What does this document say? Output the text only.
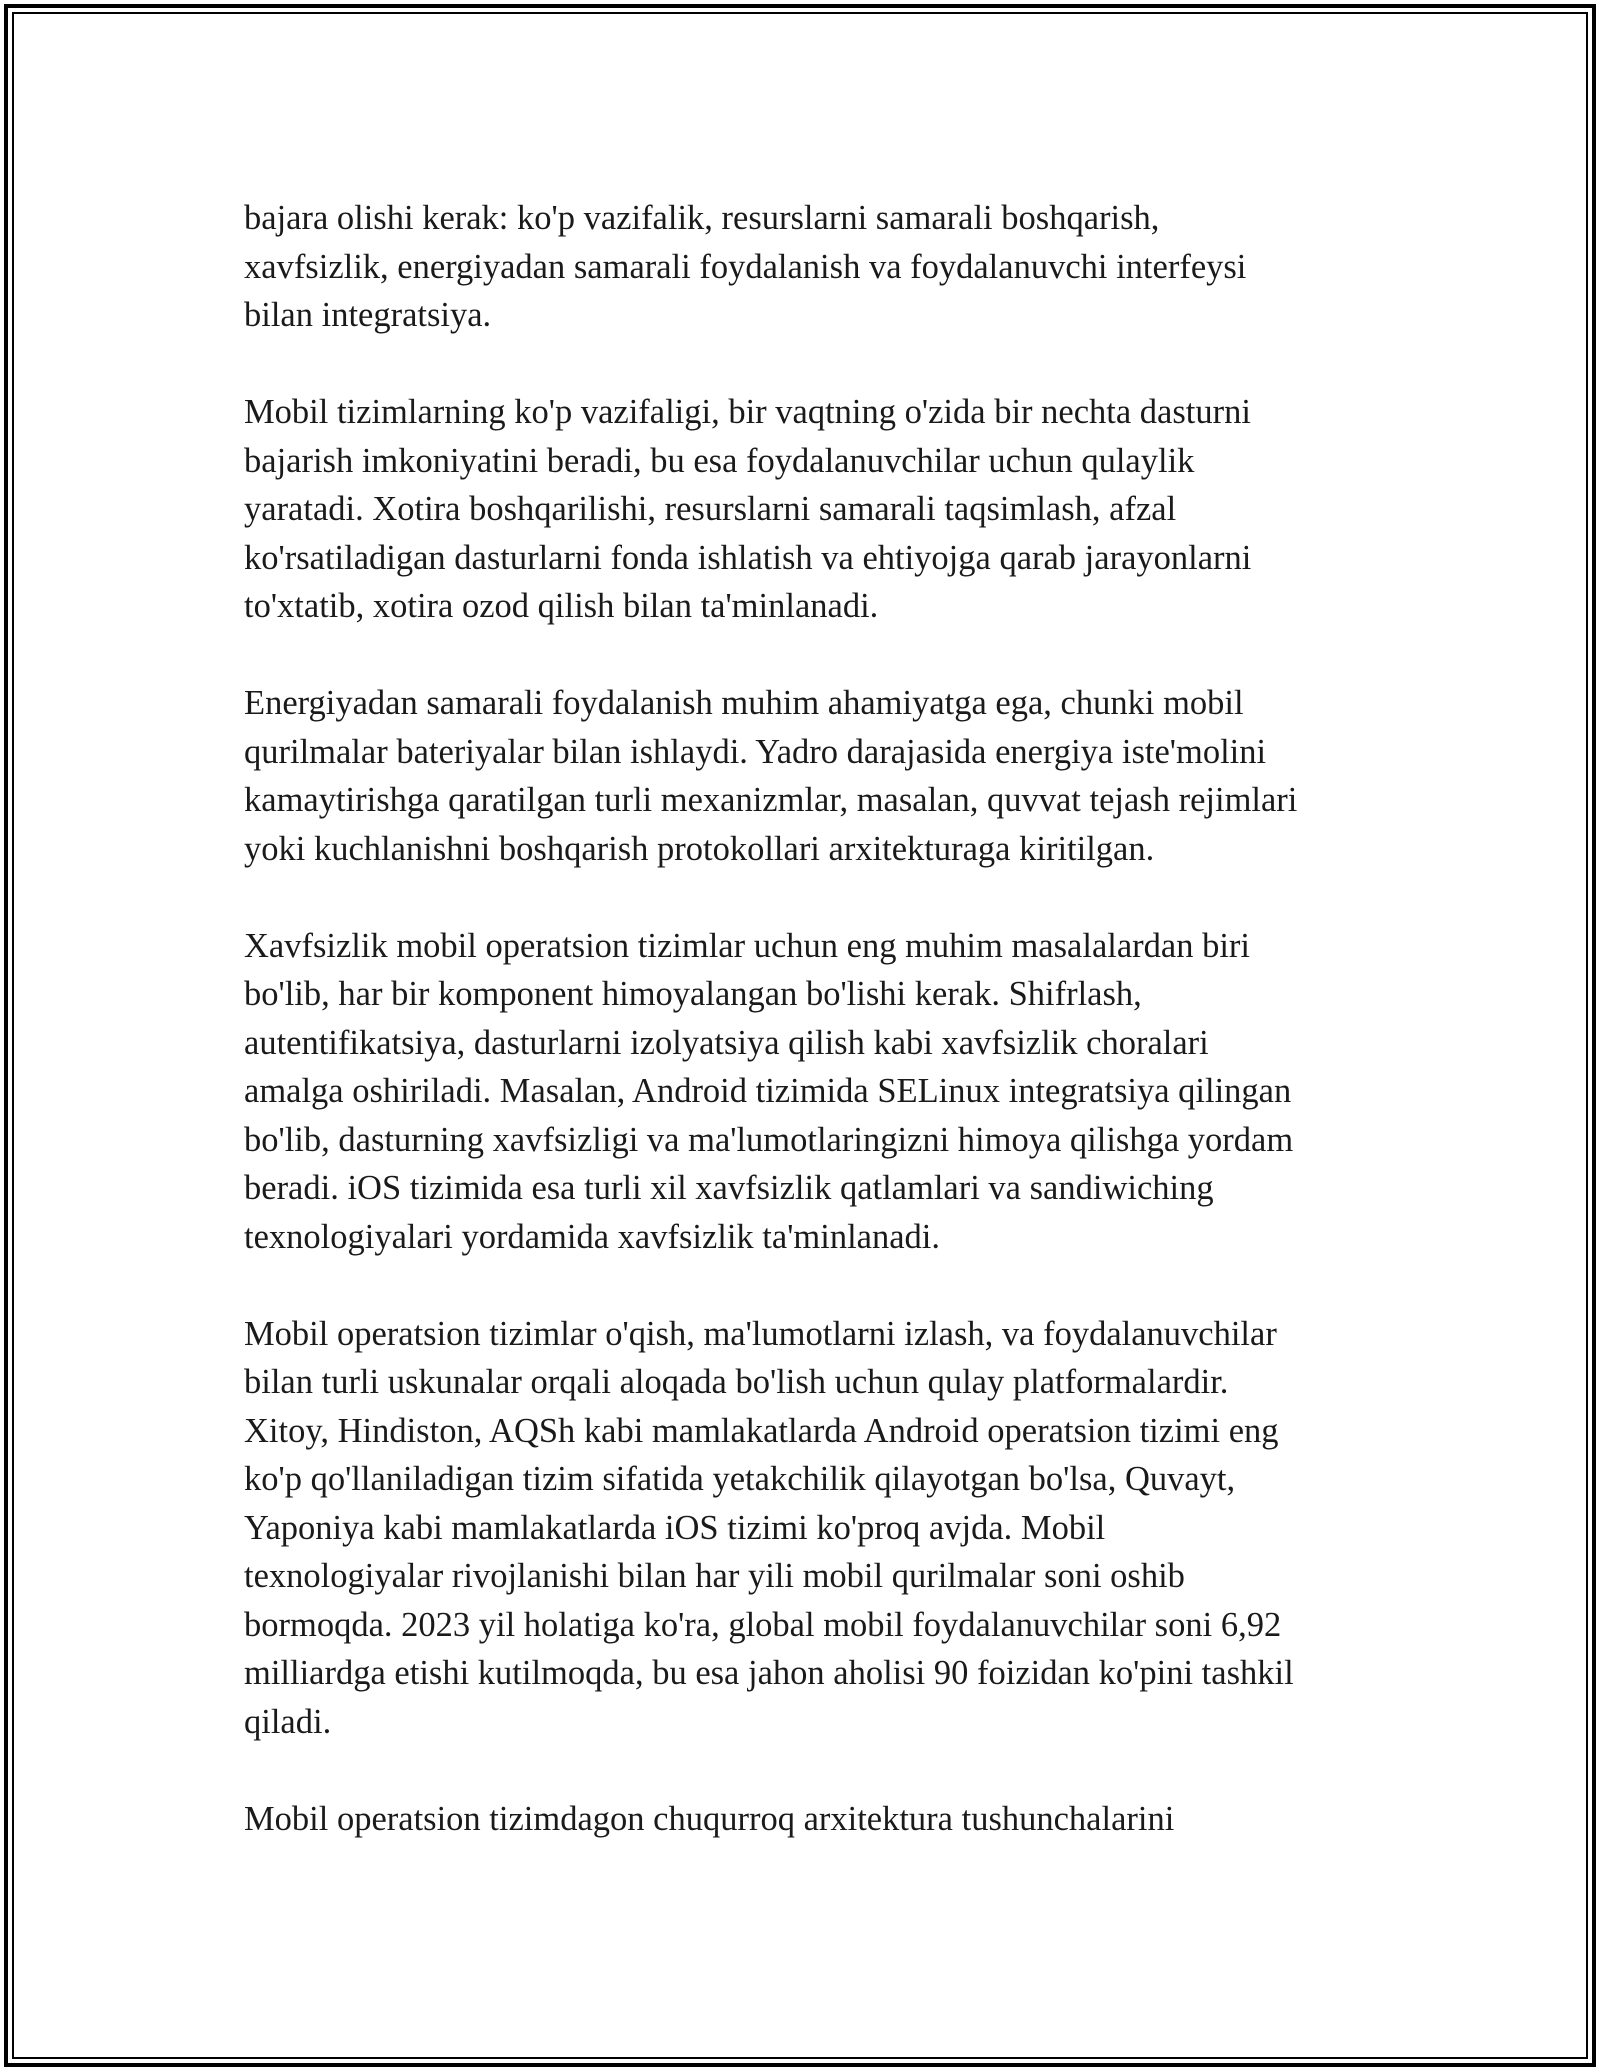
bajara olishi kerak: ko'p vazifalik, resurslarni samarali boshqarish,
xavfsizlik, energiyadan samarali foydalanish va foydalanuvchi interfeysi
bilan integratsiya.

Mobil tizimlarning ko'p vazifaligi, bir vaqtning o'zida bir nechta dasturni
bajarish imkoniyatini beradi, bu esa foydalanuvchilar uchun qulaylik
yaratadi. Xotira boshqarilishi, resurslarni samarali taqsimlash, afzal
ko'rsatiladigan dasturlarni fonda ishlatish va ehtiyojga qarab jarayonlarni
to'xtatib, xotira ozod qilish bilan ta'minlanadi.

Energiyadan samarali foydalanish muhim ahamiyatga ega, chunki mobil
qurilmalar bateriyalar bilan ishlaydi. Yadro darajasida energiya iste'molini
kamaytirishga qaratilgan turli mexanizmlar, masalan, quvvat tejash rejimlari
yoki kuchlanishni boshqarish protokollari arxitekturaga kiritilgan.

Xavfsizlik mobil operatsion tizimlar uchun eng muhim masalalardan biri
bo'lib, har bir komponent himoyalangan bo'lishi kerak. Shifrlash,
autentifikatsiya, dasturlarni izolyatsiya qilish kabi xavfsizlik choralari
amalga oshiriladi. Masalan, Android tizimida SELinux integratsiya qilingan
bo'lib, dasturning xavfsizligi va ma'lumotlaringizni himoya qilishga yordam
beradi. iOS tizimida esa turli xil xavfsizlik qatlamlari va sandiwiching
texnologiyalari yordamida xavfsizlik ta'minlanadi.

Mobil operatsion tizimlar o'qish, ma'lumotlarni izlash, va foydalanuvchilar
bilan turli uskunalar orqali aloqada bo'lish uchun qulay platformalardir.
Xitoy, Hindiston, AQSh kabi mamlakatlarda Android operatsion tizimi eng
ko'p qo'llaniladigan tizim sifatida yetakchilik qilayotgan bo'lsa, Quvayt,
Yaponiya kabi mamlakatlarda iOS tizimi ko'proq avjda. Mobil
texnologiyalar rivojlanishi bilan har yili mobil qurilmalar soni oshib
bormoqda. 2023 yil holatiga ko'ra, global mobil foydalanuvchilar soni 6,92
milliardga etishi kutilmoqda, bu esa jahon aholisi 90 foizidan ko'pini tashkil
qiladi.

Mobil operatsion tizimdagon chuqurroq arxitektura tushunchalarini
